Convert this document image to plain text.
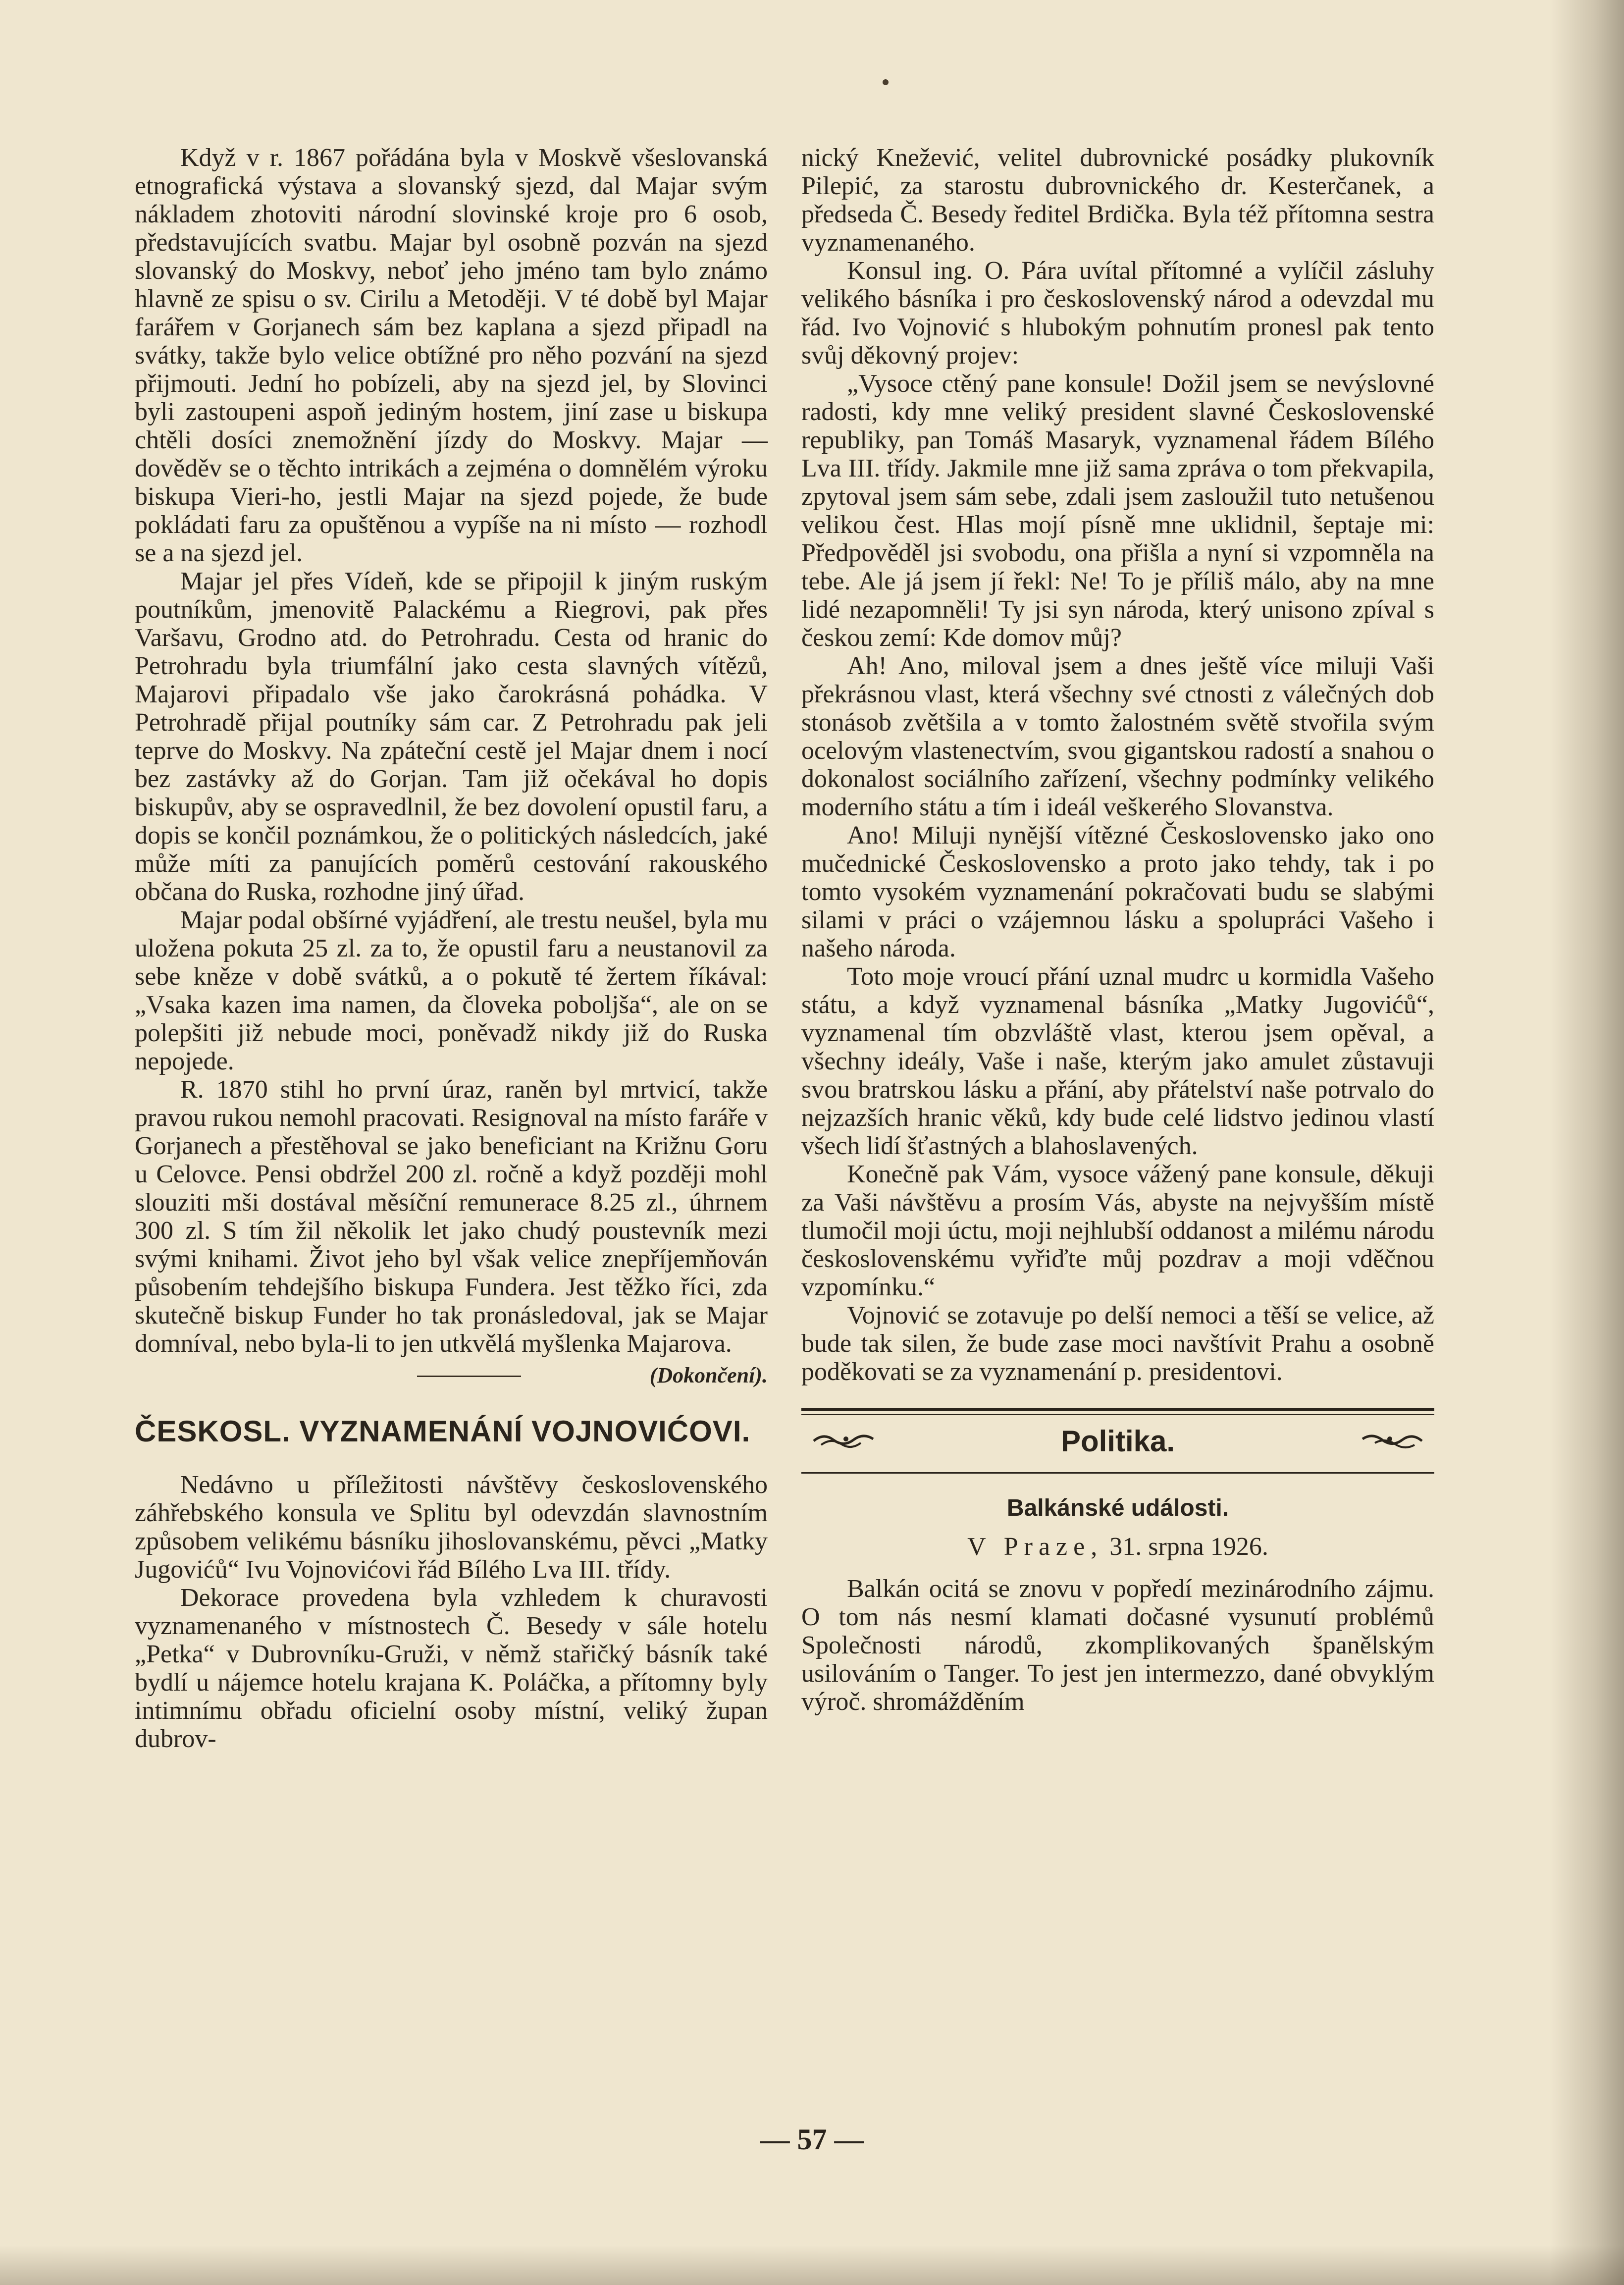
Když v r. 1867 pořádána byla v Moskvě všeslovanská etnografická výstava a slovanský sjezd, dal Majar svým nákladem zhotoviti národní slovinské kroje pro 6 osob, představujících svatbu. Majar byl osobně pozván na sjezd slovanský do Moskvy, neboť jeho jméno tam bylo známo hlavně ze spisu o sv. Cirilu a Metoději. V té době byl Majar farářem v Gorjanech sám bez kaplana a sjezd připadl na svátky, takže bylo velice obtížné pro něho pozvání na sjezd přijmouti. Jední ho pobízeli, aby na sjezd jel, by Slovinci byli zastoupeni aspoň jediným hostem, jiní zase u biskupa chtěli dosíci znemožnění jízdy do Moskvy. Majar — dověděv se o těchto intrikách a zejména o domnělém výroku biskupa Vieri-ho, jestli Majar na sjezd pojede, že bude pokládati faru za opuštěnou a vypíše na ni místo — rozhodl se a na sjezd jel.

Majar jel přes Vídeň, kde se připojil k jiným ruským poutníkům, jmenovitě Palackému a Riegrovi, pak přes Varšavu, Grodno atd. do Petrohradu. Cesta od hranic do Petrohradu byla triumfální jako cesta slavných vítězů, Majarovi připadalo vše jako čarokrásná pohádka. V Petrohradě přijal poutníky sám car. Z Petrohradu pak jeli teprve do Moskvy. Na zpáteční cestě jel Majar dnem i nocí bez zastávky až do Gorjan. Tam již očekával ho dopis biskupův, aby se ospravedlnil, že bez dovolení opustil faru, a dopis se končil poznámkou, že o politických následcích, jaké může míti za panujících poměrů cestování rakouského občana do Ruska, rozhodne jiný úřad.

Majar podal obšírné vyjádření, ale trestu neušel, byla mu uložena pokuta 25 zl. za to, že opustil faru a neustanovil za sebe kněze v době svátků, a o pokutě té žertem říkával: „Vsaka kazen ima namen, da človeka poboljša“, ale on se polepšiti již nebude moci, poněvadž nikdy již do Ruska nepojede.

R. 1870 stihl ho první úraz, raněn byl mrtvicí, takže pravou rukou nemohl pracovati. Resignoval na místo faráře v Gorjanech a přestěhoval se jako beneficiant na Križnu Goru u Celovce. Pensi obdržel 200 zl. ročně a když později mohl slouziti mši dostával měsíční remunerace 8.25 zl., úhrnem 300 zl. S tím žil několik let jako chudý poustevník mezi svými knihami. Život jeho byl však velice znepříjemňován působením tehdejšího biskupa Fundera. Jest těžko říci, zda skutečně biskup Funder ho tak pronásledoval, jak se Majar domníval, nebo byla-li to jen utkvělá myšlenka Majarova.

(Dokončení).
ČESKOSL. VYZNAMENÁNÍ VOJNOVIĆOVI.

Nedávno u příležitosti návštěvy československého záhřebského konsula ve Splitu byl odevzdán slavnostním způsobem velikému básníku jihoslovanskému, pěvci „Matky Jugovićů“ Ivu Vojnovićovi řád Bílého Lva III. třídy.

Dekorace provedena byla vzhledem k churavosti vyznamenaného v místnostech Č. Besedy v sále hotelu „Petka“ v Dubrovníku-Gruži, v němž stařičký básník také bydlí u nájemce hotelu krajana K. Poláčka, a přítomny byly intimnímu obřadu oficielní osoby místní, veliký župan dubrov-

nický Knežević, velitel dubrovnické posádky plukovník Pilepić, za starostu dubrovnického dr. Kesterčanek, a předseda Č. Besedy ředitel Brdička. Byla též přítomna sestra vyznamenaného.

Konsul ing. O. Pára uvítal přítomné a vylíčil zásluhy velikého básníka i pro československý národ a odevzdal mu řád. Ivo Vojnović s hlubokým pohnutím pronesl pak tento svůj děkovný projev:

„Vysoce ctěný pane konsule! Dožil jsem se nevýslovné radosti, kdy mne veliký president slavné Československé republiky, pan Tomáš Masaryk, vyznamenal řádem Bílého Lva III. třídy. Jakmile mne již sama zpráva o tom překvapila, zpytoval jsem sám sebe, zdali jsem zasloužil tuto netušenou velikou čest. Hlas mojí písně mne uklidnil, šeptaje mi: Předpověděl jsi svobodu, ona přišla a nyní si vzpomněla na tebe. Ale já jsem jí řekl: Ne! To je příliš málo, aby na mne lidé nezapomněli! Ty jsi syn národa, který unisono zpíval s českou zemí: Kde domov můj?

Ah! Ano, miloval jsem a dnes ještě více miluji Vaši překrásnou vlast, která všechny své ctnosti z válečných dob stonásob zvětšila a v tomto žalostném světě stvořila svým ocelovým vlastenectvím, svou gigantskou radostí a snahou o dokonalost sociálního zařízení, všechny podmínky velikého moderního státu a tím i ideál veškerého Slovanstva.

Ano! Miluji nynější vítězné Československo jako ono mučednické Československo a proto jako tehdy, tak i po tomto vysokém vyznamenání pokračovati budu se slabými silami v práci o vzájemnou lásku a spolupráci Vašeho i našeho národa.

Toto moje vroucí přání uznal mudrc u kormidla Vašeho státu, a když vyznamenal básníka „Matky Jugovićů“, vyznamenal tím obzvláště vlast, kterou jsem opěval, a všechny ideály, Vaše i naše, kterým jako amulet zůstavuji svou bratrskou lásku a přání, aby přátelství naše potrvalo do nejzazších hranic věků, kdy bude celé lidstvo jedinou vlastí všech lidí šťastných a blahoslavených.

Konečně pak Vám, vysoce vážený pane konsule, děkuji za Vaši návštěvu a prosím Vás, abyste na nejvyšším místě tlumočil moji úctu, moji nejhlubší oddanost a milému národu československému vyřiďte můj pozdrav a moji vděčnou vzpomínku.“

Vojnović se zotavuje po delší nemoci a těší se velice, až bude tak silen, že bude zase moci navštívit Prahu a osobně poděkovati se za vyznamenání p. presidentovi.

Politika.
Balkánské události.
V Praze, 31. srpna 1926.

Balkán ocitá se znovu v popředí mezinárodního zájmu. O tom nás nesmí klamati dočasné vysunutí problémů Společnosti národů, zkomplikovaných španělským usilováním o Tanger. To jest jen intermezzo, dané obvyklým výroč. shromážděním

— 57 —
